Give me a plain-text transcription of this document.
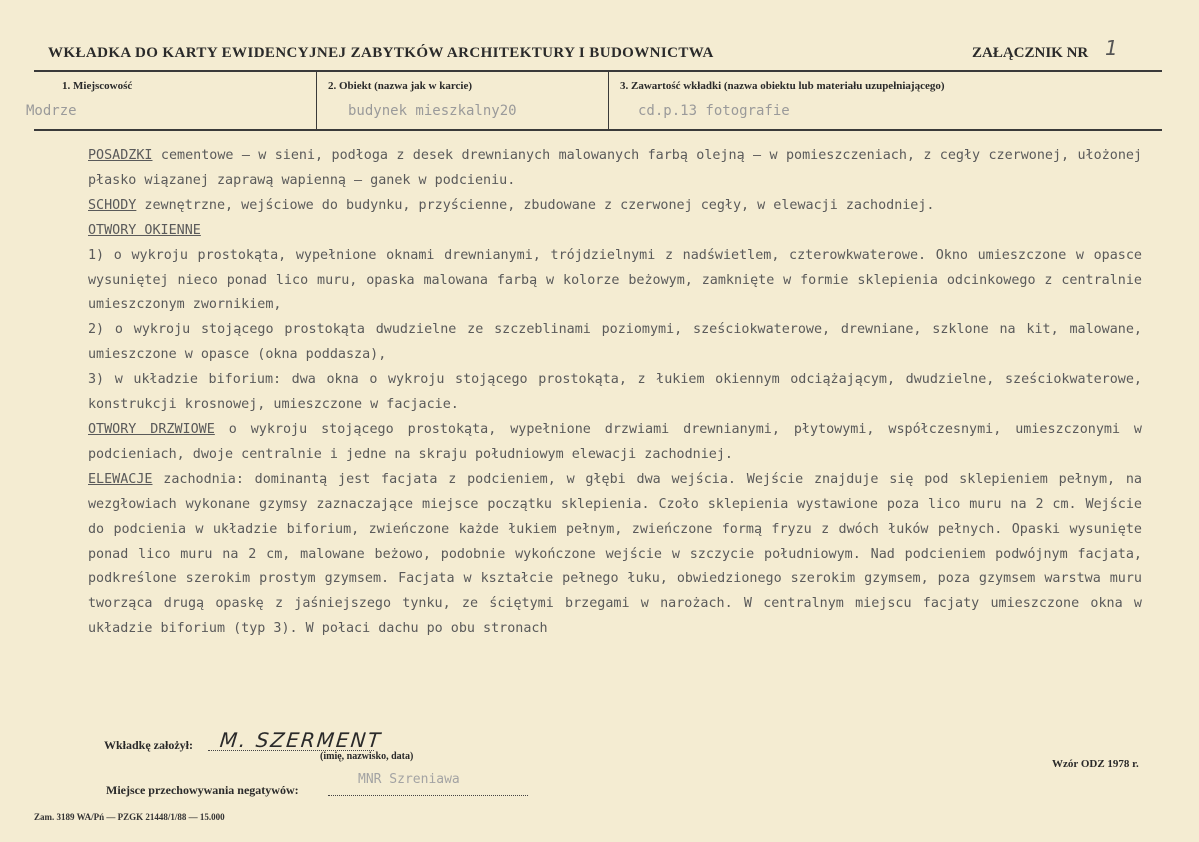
WKŁADKA DO KARTY EWIDENCYJNEJ ZABYTKÓW ARCHITEKTURY I BUDOWNICTWA	ZAŁĄCZNIK NR 1
1. Miejscowość
Modrze
2. Obiekt (nazwa jak w karcie)
budynek mieszkalny20
3. Zawartość wkładki (nazwa obiektu lub materiału uzupełniającego)
cd.p.13 fotografie

POSADZKI cementowe – w sieni, podłoga z desek drewnianych malowanych farbą olejną – w pomieszczeniach, z cegły czerwonej, ułożonej płasko wiązanej zaprawą wapienną – ganek w podcieniu.

SCHODY zewnętrzne, wejściowe do budynku, przyścienne, zbudowane z czerwonej cegły, w elewacji zachodniej.

OTWORY OKIENNE

1) o wykroju prostokąta, wypełnione oknami drewnianymi, trójdzielnymi z nadświetlem, czterowkwaterowe. Okno umieszczone w opasce wysuniętej nieco ponad lico muru, opaska malowana farbą w kolorze beżowym, zamknięte w formie sklepienia odcinkowego z centralnie umieszczonym zwornikiem,

2) o wykroju stojącego prostokąta dwudzielne ze szczeblinami poziomymi, sześciokwaterowe, drewniane, szklone na kit, malowane, umieszczone w opasce (okna poddasza),

3) w układzie biforium: dwa okna o wykroju stojącego prostokąta, z łukiem okiennym odciążającym, dwudzielne, sześciokwaterowe, konstrukcji krosnowej, umieszczone w facjacie.

OTWORY DRZWIOWE o wykroju stojącego prostokąta, wypełnione drzwiami drewnianymi, płytowymi, współczesnymi, umieszczonymi w podcieniach, dwoje centralnie i jedne na skraju południowym elewacji zachodniej.

ELEWACJE zachodnia: dominantą jest facjata z podcieniem, w głębi dwa wejścia. Wejście znajduje się pod sklepieniem pełnym, na wezgłowiach wykonane gzymsy zaznaczające miejsce początku sklepienia. Czoło sklepienia wystawione poza lico muru na 2 cm. Wejście do podcienia w układzie biforium, zwieńczone każde łukiem pełnym, zwieńczone formą fryzu z dwóch łuków pełnych. Opaski wysunięte ponad lico muru na 2 cm, malowane beżowo, podobnie wykończone wejście w szczycie południowym. Nad podcieniem podwójnym facjata, podkreślone szerokim prostym gzymsem. Facjata w kształcie pełnego łuku, obwiedzionego szerokim gzymsem, poza gzymsem warstwa muru tworząca drugą opaskę z jaśniejszego tynku, ze ściętymi brzegami w narożach. W centralnym miejscu facjaty umieszczone okna w układzie biforium (typ 3). W połaci dachu po obu stronach

Wkładkę założył: M. SZERMENT
(imię, nazwisko, data)
Miejsce przechowywania negatywów:
MNR Szreniawa
Wzór ODZ 1978 r.
Zam. 3189 WA/Pń — PZGK 21448/1/88 — 15.000
